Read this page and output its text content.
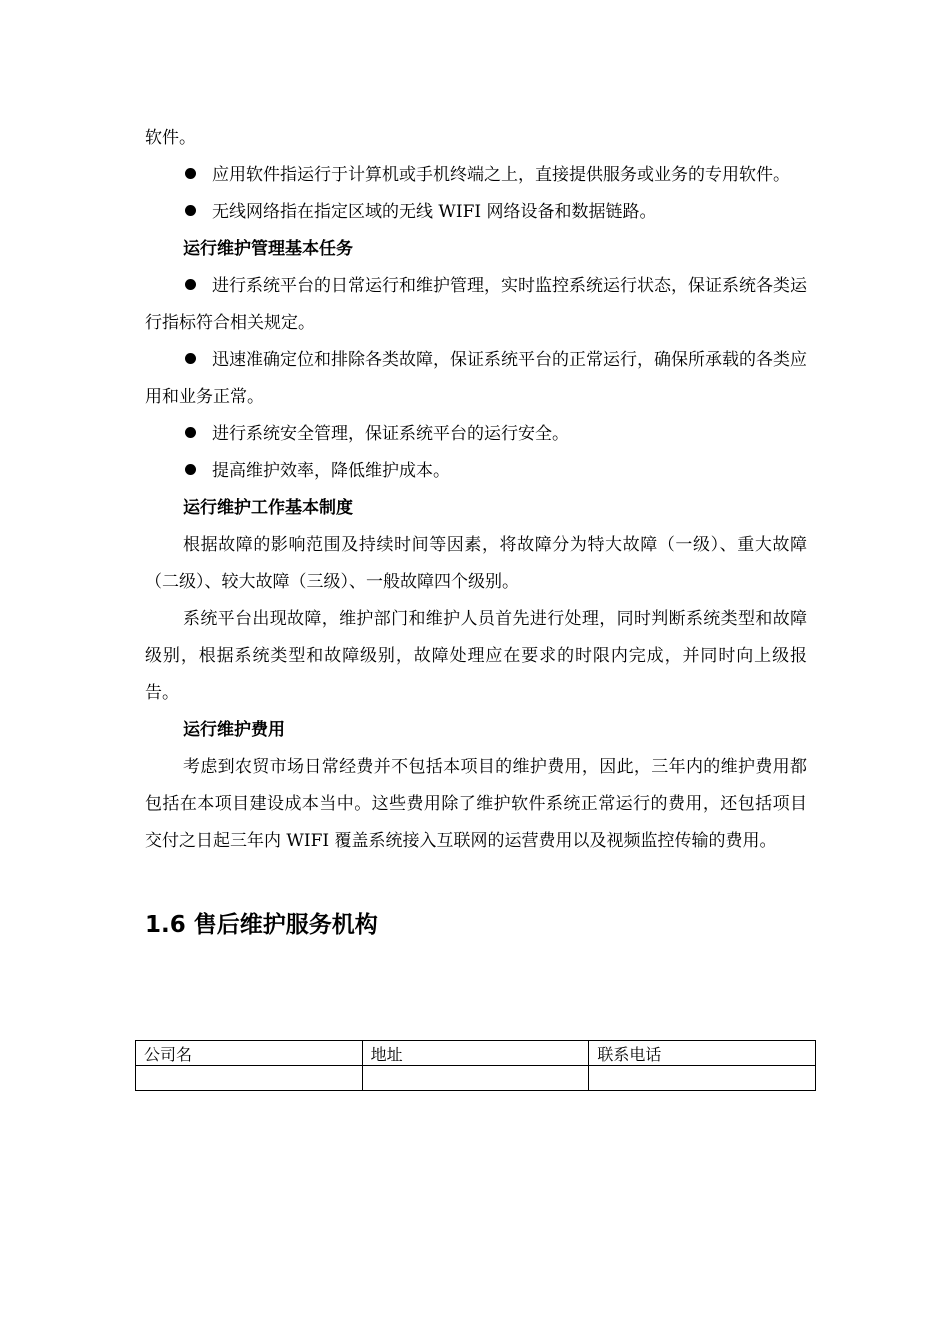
软件。

应用软件指运行于计算机或手机终端之上，直接提供服务或业务的专用软件。

无线网络指在指定区域的无线 WIFI 网络设备和数据链路。

运行维护管理基本任务

进行系统平台的日常运行和维护管理，实时监控系统运行状态，保证系统各类运行指标符合相关规定。

迅速准确定位和排除各类故障，保证系统平台的正常运行，确保所承载的各类应用和业务正常。

进行系统安全管理，保证系统平台的运行安全。

提高维护效率，降低维护成本。

运行维护工作基本制度

根据故障的影响范围及持续时间等因素，将故障分为特大故障（一级）、重大故障（二级）、较大故障（三级）、一般故障四个级别。

系统平台出现故障，维护部门和维护人员首先进行处理，同时判断系统类型和故障级别，根据系统类型和故障级别，故障处理应在要求的时限内完成，并同时向上级报告。

运行维护费用

考虑到农贸市场日常经费并不包括本项目的维护费用，因此，三年内的维护费用都包括在本项目建设成本当中。这些费用除了维护软件系统正常运行的费用，还包括项目交付之日起三年内 WIFI 覆盖系统接入互联网的运营费用以及视频监控传输的费用。

1.6 售后维护服务机构
公司名	地址	联系电话
